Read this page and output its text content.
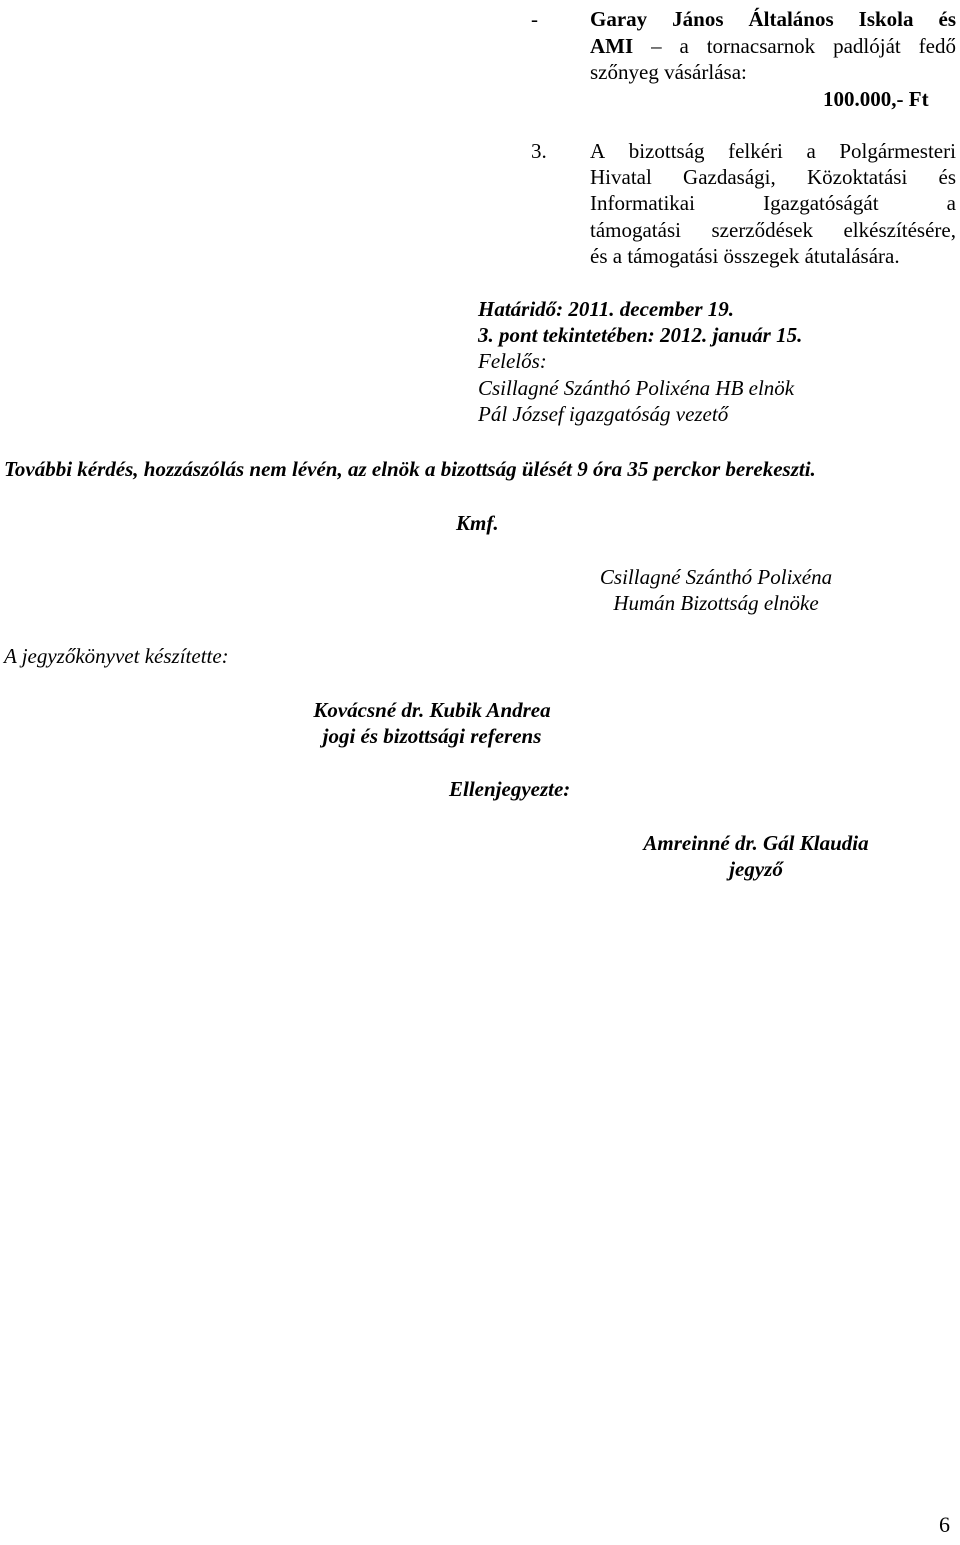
- Garay János Általános Iskola és
AMI – a tornacsarnok padlóját fedő
szőnyeg vásárlása:
100.000,- Ft
3. A bizottság felkéri a Polgármesteri
Hivatal Gazdasági, Közoktatási és
Informatikai	Igazgatóságát	a
támogatási szerződések elkészítésére,
és a támogatási összegek átutalására.
Határidő: 2011. december 19.
3. pont tekintetében: 2012. január 15.
Felelős:
Csillagné Szánthó Polixéna HB elnök
Pál József igazgatóság vezető
További kérdés, hozzászólás nem lévén, az elnök a bizottság ülését 9 óra 35 perckor berekeszti.
Kmf.
Csillagné Szánthó Polixéna
Humán Bizottság elnöke
A jegyzőkönyvet készítette:
Kovácsné dr. Kubik Andrea
jogi és bizottsági referens
Ellenjegyezte:
Amreinné dr. Gál Klaudia
jegyző
6
